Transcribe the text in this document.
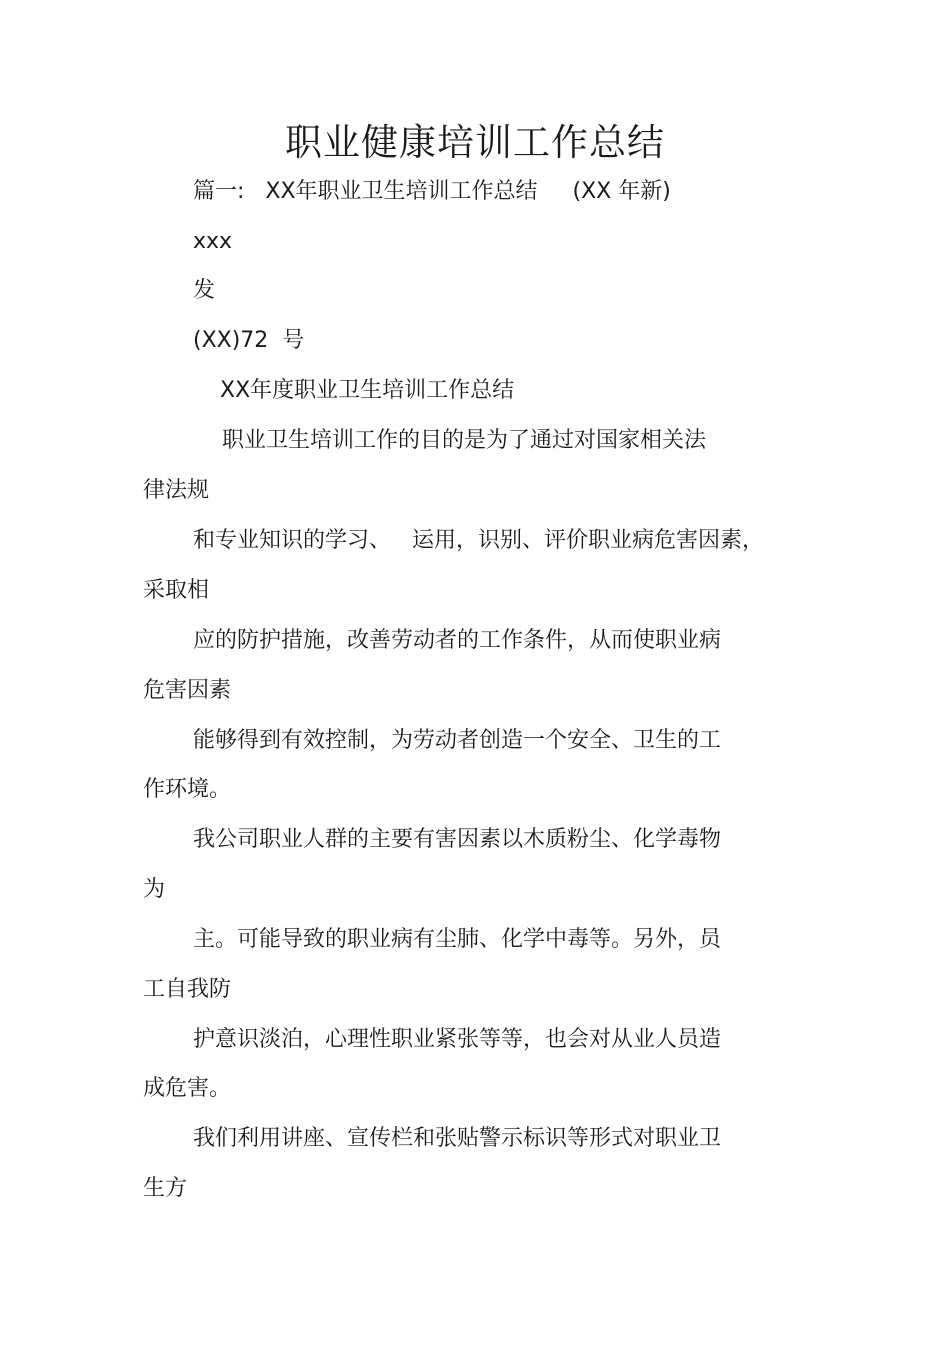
职业健康培训工作总结
篇一:   XX年职业卫生培训工作总结     (XX 年新)
xxx
发
(XX)72  号
XX年度职业卫生培训工作总结
职业卫生培训工作的目的是为了通过对国家相关法
律法规
和专业知识的学习、   运用，识别、评价职业病危害因素，
采取相
应的防护措施，改善劳动者的工作条件，从而使职业病
危害因素
能够得到有效控制，为劳动者创造一个安全、卫生的工
作环境。
我公司职业人群的主要有害因素以木质粉尘、化学毒物
为
主。可能导致的职业病有尘肺、化学中毒等。另外，员
工自我防
护意识淡泊，心理性职业紧张等等，也会对从业人员造
成危害。
我们利用讲座、宣传栏和张贴警示标识等形式对职业卫
生方
